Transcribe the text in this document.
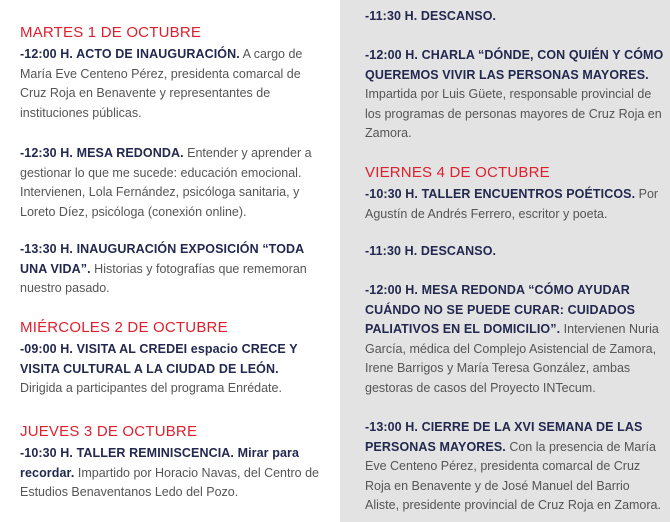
MARTES 1 DE OCTUBRE

-12:00 H. ACTO DE INAUGURACIÓN. A cargo de María Eve Centeno Pérez, presidenta comarcal de Cruz Roja en Benavente y representantes de instituciones públicas.

-12:30 H. MESA REDONDA. Entender y aprender a gestionar lo que me sucede: educación emocional. Intervienen, Lola Fernández, psicóloga sanitaria, y Loreto Díez, psicóloga (conexión online).

-13:30 H. INAUGURACIÓN EXPOSICIÓN “TODA UNA VIDA”. Historias y fotografías que rememoran nuestro pasado.

MIÉRCOLES 2 DE OCTUBRE

-09:00 H. VISITA AL CREDEI espacio CRECE Y VISITA CULTURAL A LA CIUDAD DE LEÓN. Dirigida a participantes del programa Enrédate.

JUEVES 3 DE OCTUBRE

-10:30 H. TALLER REMINISCENCIA. Mirar para recordar. Impartido por Horacio Navas, del Centro de Estudios Benaventanos Ledo del Pozo.

-11:30 H. DESCANSO.

-12:00 H. CHARLA “DÓNDE, CON QUIÉN Y CÓMO QUEREMOS VIVIR LAS PERSONAS MAYORES. Impartida por Luis Güete, responsable provincial de los programas de personas mayores de Cruz Roja en Zamora.

VIERNES 4 DE OCTUBRE

-10:30 H. TALLER ENCUENTROS POÉTICOS. Por Agustín de Andrés Ferrero, escritor y poeta.

-11:30 H. DESCANSO.

-12:00 H. MESA REDONDA “CÓMO AYUDAR CUÁNDO NO SE PUEDE CURAR: CUIDADOS PALIATIVOS EN EL DOMICILIO”. Intervienen Nuria García, médica del Complejo Asistencial de Zamora, Irene Barrigos y María Teresa González, ambas gestoras de casos del Proyecto INTecum.

-13:00 H. CIERRE DE LA XVI SEMANA DE LAS PERSONAS MAYORES. Con la presencia de María Eve Centeno Pérez, presidenta comarcal de Cruz Roja en Benavente y de José Manuel del Barrio Aliste, presidente provincial de Cruz Roja en Zamora.
